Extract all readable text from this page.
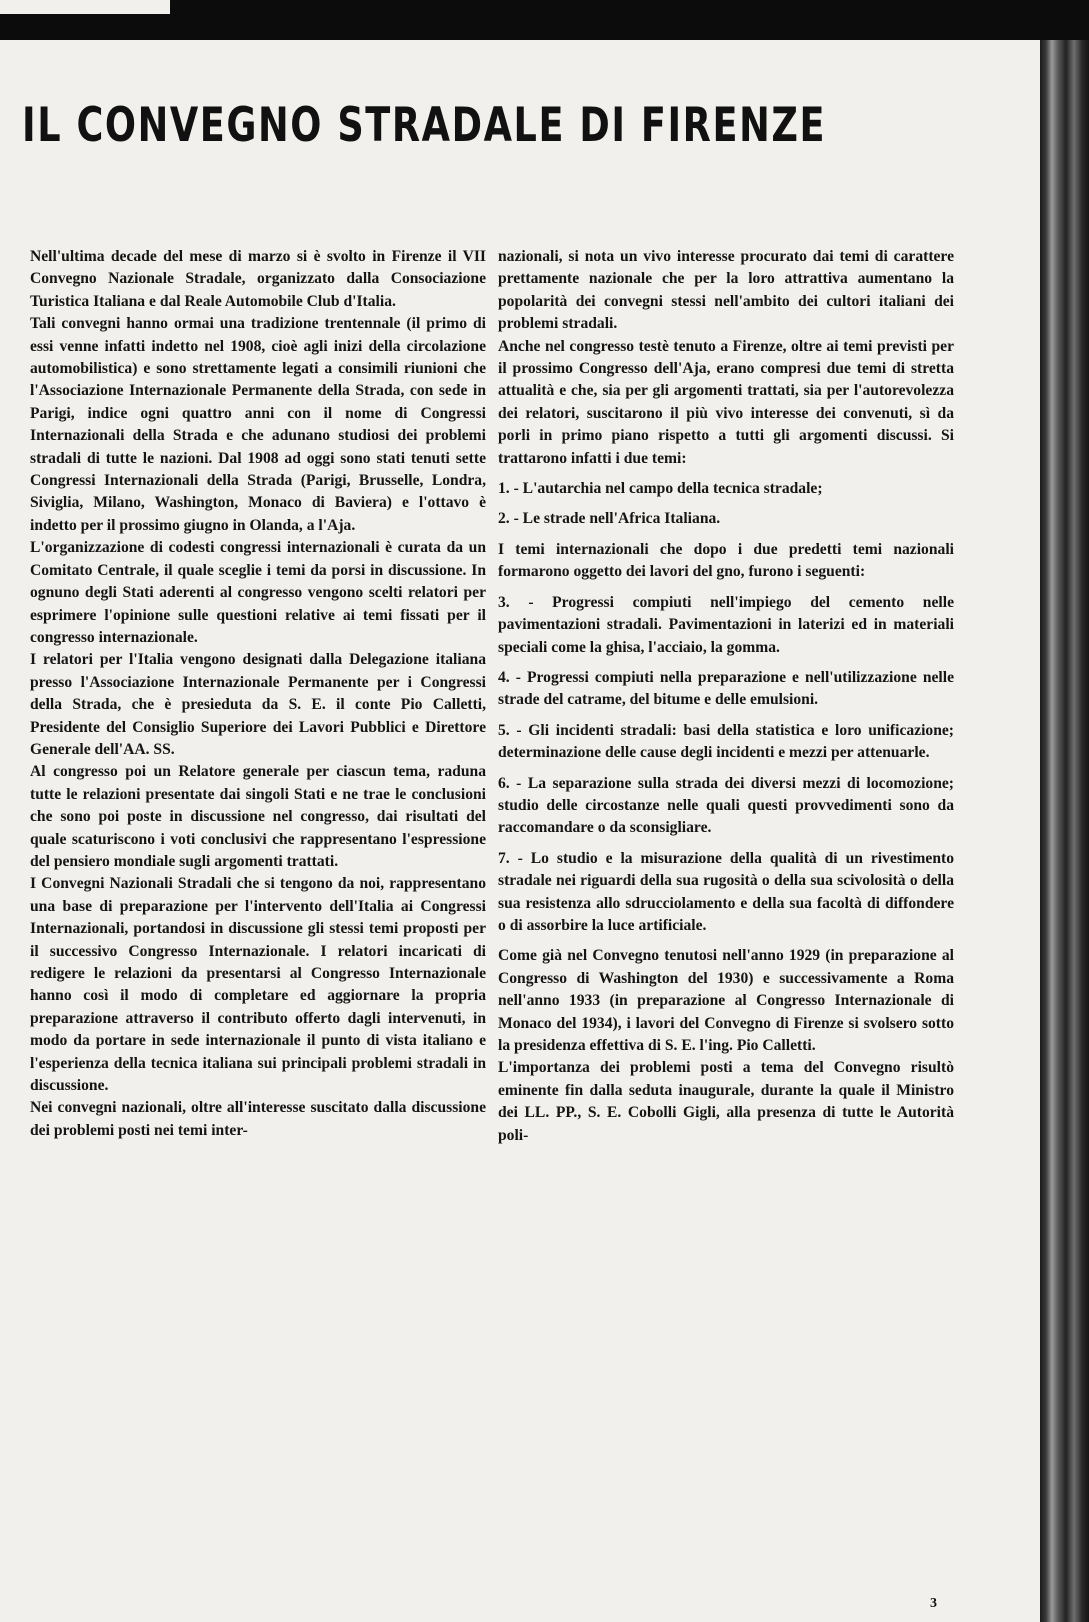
IL CONVEGNO STRADALE DI FIRENZE

Nell'ultima decade del mese di marzo si è svolto in Firenze il VII Convegno Nazionale Stradale, organizzato dalla Consociazione Turistica Italiana e dal Reale Automobile Club d'Italia.

Tali convegni hanno ormai una tradizione trentennale (il primo di essi venne infatti indetto nel 1908, cioè agli inizi della circolazione automobilistica) e sono strettamente legati a consimili riunioni che l'Associazione Internazionale Permanente della Strada, con sede in Parigi, indice ogni quattro anni con il nome di Congressi Internazionali della Strada e che adunano studiosi dei problemi stradali di tutte le nazioni. Dal 1908 ad oggi sono stati tenuti sette Congressi Internazionali della Strada (Parigi, Brusselle, Londra, Siviglia, Milano, Washington, Monaco di Baviera) e l'ottavo è indetto per il prossimo giugno in Olanda, a l'Aja.

L'organizzazione di codesti congressi internazionali è curata da un Comitato Centrale, il quale sceglie i temi da porsi in discussione. In ognuno degli Stati aderenti al congresso vengono scelti relatori per esprimere l'opinione sulle questioni relative ai temi fissati per il congresso internazionale.

I relatori per l'Italia vengono designati dalla Delegazione italiana presso l'Associazione Internazionale Permanente per i Congressi della Strada, che è presieduta da S. E. il conte Pio Calletti, Presidente del Consiglio Superiore dei Lavori Pubblici e Direttore Generale dell'AA. SS.

Al congresso poi un Relatore generale per ciascun tema, raduna tutte le relazioni presentate dai singoli Stati e ne trae le conclusioni che sono poi poste in discussione nel congresso, dai risultati del quale scaturiscono i voti conclusivi che rappresentano l'espressione del pensiero mondiale sugli argomenti trattati.

I Convegni Nazionali Stradali che si tengono da noi, rappresentano una base di preparazione per l'intervento dell'Italia ai Congressi Internazionali, portandosi in discussione gli stessi temi proposti per il successivo Congresso Internazionale. I relatori incaricati di redigere le relazioni da presentarsi al Congresso Internazionale hanno così il modo di completare ed aggiornare la propria preparazione attraverso il contributo offerto dagli intervenuti, in modo da portare in sede internazionale il punto di vista italiano e l'esperienza della tecnica italiana sui principali problemi stradali in discussione.

Nei convegni nazionali, oltre all'interesse suscitato dalla discussione dei problemi posti nei temi inter-

nazionali, si nota un vivo interesse procurato dai temi di carattere prettamente nazionale che per la loro attrattiva aumentano la popolarità dei convegni stessi nell'ambito dei cultori italiani dei problemi stradali.

Anche nel congresso testè tenuto a Firenze, oltre ai temi previsti per il prossimo Congresso dell'Aja, erano compresi due temi di stretta attualità e che, sia per gli argomenti trattati, sia per l'autorevolezza dei relatori, suscitarono il più vivo interesse dei convenuti, sì da porli in primo piano rispetto a tutti gli argomenti discussi. Si trattarono infatti i due temi:

1. - L'autarchia nel campo della tecnica stradale;

2. - Le strade nell'Africa Italiana.

I temi internazionali che dopo i due predetti temi nazionali formarono oggetto dei lavori del gno, furono i seguenti:

3. - Progressi compiuti nell'impiego del cemento nelle pavimentazioni stradali. Pavimentazioni in laterizi ed in materiali speciali come la ghisa, l'acciaio, la gomma.

4. - Progressi compiuti nella preparazione e nell'utilizzazione nelle strade del catrame, del bitume e delle emulsioni.

5. - Gli incidenti stradali: basi della statistica e loro unificazione; determinazione delle cause degli incidenti e mezzi per attenuarle.

6. - La separazione sulla strada dei diversi mezzi di locomozione; studio delle circostanze nelle quali questi provvedimenti sono da raccomandare o da sconsigliare.

7. - Lo studio e la misurazione della qualità di un rivestimento stradale nei riguardi della sua rugosità o della sua scivolosità o della sua resistenza allo sdrucciolamento e della sua facoltà di diffondere o di assorbire la luce artificiale.

Come già nel Convegno tenutosi nell'anno 1929 (in preparazione al Congresso di Washington del 1930) e successivamente a Roma nell'anno 1933 (in preparazione al Congresso Internazionale di Monaco del 1934), i lavori del Convegno di Firenze si svolsero sotto la presidenza effettiva di S. E. l'ing. Pio Calletti.

L'importanza dei problemi posti a tema del Convegno risultò eminente fin dalla seduta inaugurale, durante la quale il Ministro dei LL. PP., S. E. Cobolli Gigli, alla presenza di tutte le Autorità poli-

3
